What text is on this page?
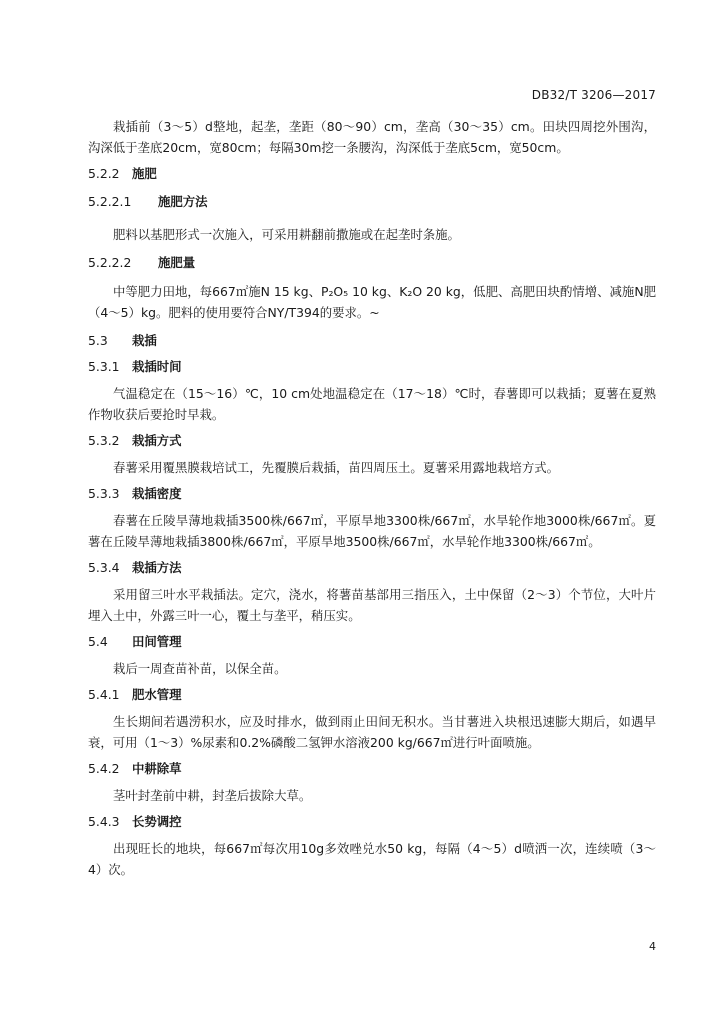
DB32/T 3206—2017

栽插前（3～5）d整地，起垄，垄距（80～90）cm，垄高（30～35）cm。田块四周挖外围沟，沟深低于垄底20cm，宽80cm；每隔30m挖一条腰沟，沟深低于垄底5cm，宽50cm。

5.2.2	施肥
5.2.2.1	施肥方法

肥料以基肥形式一次施入，可采用耕翻前撒施或在起垄时条施。

5.2.2.2	施肥量

中等肥力田地，每667㎡施N 15 kg、P₂O₅ 10 kg、K₂O 20 kg，低肥、高肥田块酌情增、减施N肥（4～5）kg。肥料的使用要符合NY/T394的要求。~

5.3	栽插
5.3.1	栽插时间

气温稳定在（15～16）℃，10 cm处地温稳定在（17～18）℃时，春薯即可以栽插；夏薯在夏熟作物收获后要抢时早栽。

5.3.2	栽插方式

春薯采用覆黑膜栽培试工，先覆膜后栽插，苗四周压土。夏薯采用露地栽培方式。

5.3.3	栽插密度

春薯在丘陵旱薄地栽插3500株/667㎡，平原旱地3300株/667㎡，水旱轮作地3000株/667㎡。夏薯在丘陵旱薄地栽插3800株/667㎡，平原旱地3500株/667㎡，水旱轮作地3300株/667㎡。

5.3.4	栽插方法

采用留三叶水平栽插法。定穴，浇水，将薯苗基部用三指压入，土中保留（2～3）个节位，大叶片埋入土中，外露三叶一心，覆土与垄平，稍压实。

5.4	田间管理

栽后一周查苗补苗，以保全苗。

5.4.1	肥水管理

生长期间若遇涝积水，应及时排水，做到雨止田间无积水。当甘薯进入块根迅速膨大期后，如遇早衰，可用（1～3）%尿素和0.2%磷酸二氢钾水溶液200 kg/667㎡进行叶面喷施。

5.4.2	中耕除草

茎叶封垄前中耕，封垄后拔除大草。

5.4.3	长势调控

出现旺长的地块，每667㎡每次用10g多效唑兑水50 kg，每隔（4～5）d喷洒一次，连续喷（3～4）次。

4
